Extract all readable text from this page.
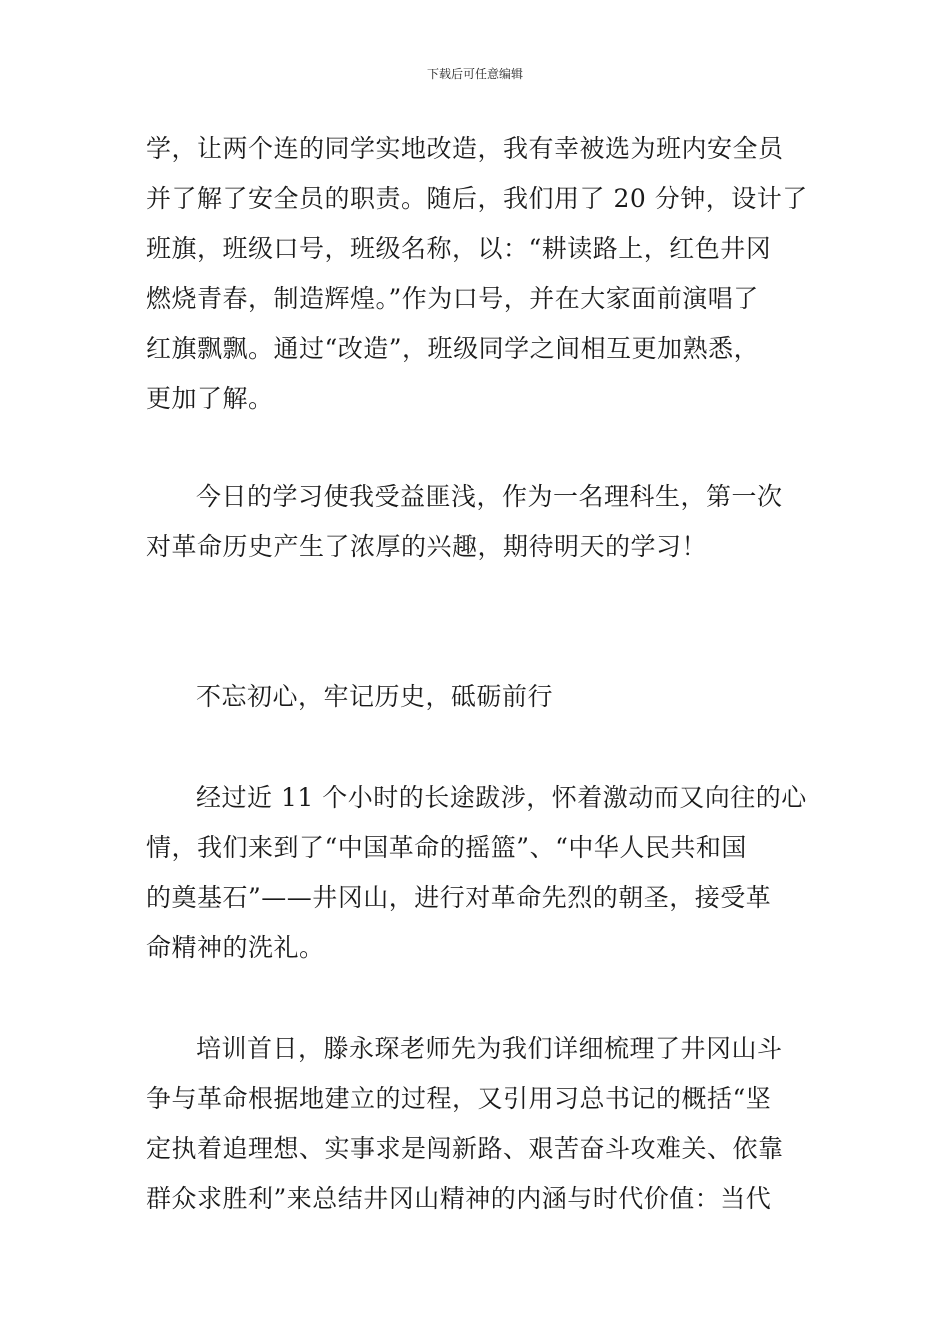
下载后可任意编辑

学，让两个连的同学实地改造，我有幸被选为班内安全员

并了解了安全员的职责。随后，我们用了 20 分钟，设计了

班旗，班级口号，班级名称，以：“耕读路上，红色井冈

燃烧青春，制造辉煌。”作为口号，并在大家面前演唱了

红旗飘飘。通过“改造”，班级同学之间相互更加熟悉，

更加了解。

今日的学习使我受益匪浅，作为一名理科生，第一次

对革命历史产生了浓厚的兴趣，期待明天的学习！

不忘初心，牢记历史，砥砺前行

经过近 11 个小时的长途跋涉，怀着激动而又向往的心

情，我们来到了“中国革命的摇篮”、“中华人民共和国

的奠基石”——井冈山，进行对革命先烈的朝圣，接受革

命精神的洗礼。

培训首日，滕永琛老师先为我们详细梳理了井冈山斗

争与革命根据地建立的过程，又引用习总书记的概括“坚

定执着追理想、实事求是闯新路、艰苦奋斗攻难关、依靠

群众求胜利”来总结井冈山精神的内涵与时代价值：当代
